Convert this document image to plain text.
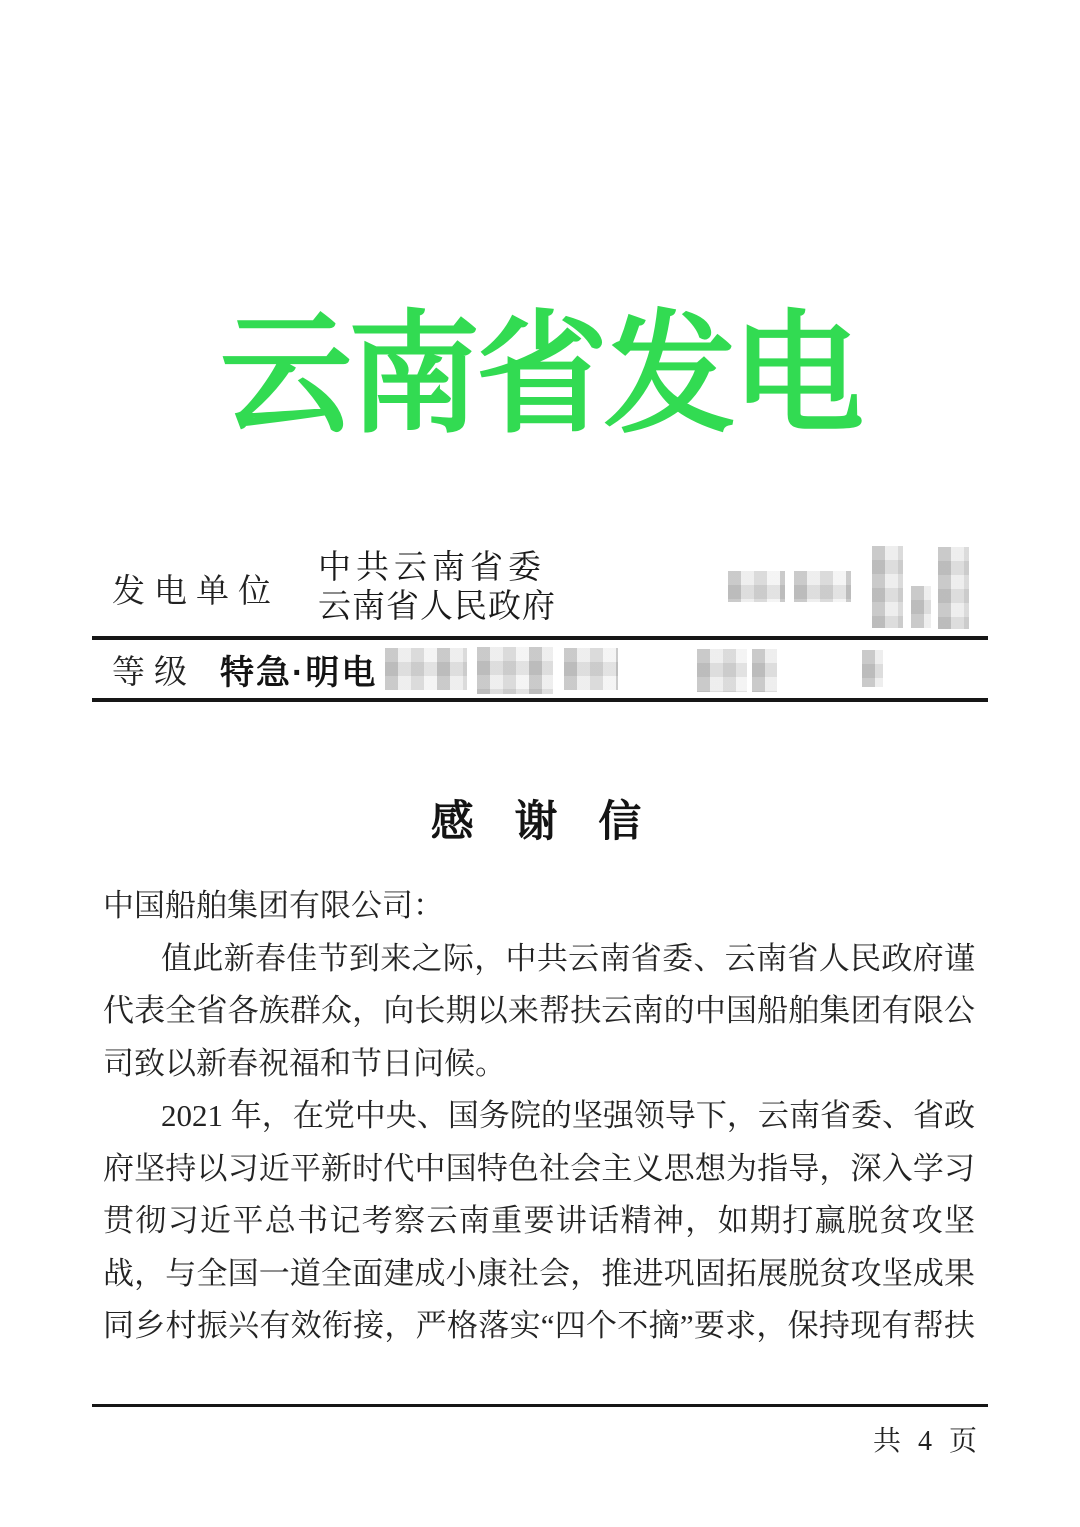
云南省发电
发电单位
中共云南省委
云南省人民政府
等级 特急·明电
感 谢 信
中国船舶集团有限公司：
值此新春佳节到来之际，中共云南省委、云南省人民政府谨
代表全省各族群众，向长期以来帮扶云南的中国船舶集团有限公
司致以新春祝福和节日问候。
2021 年，在党中央、国务院的坚强领导下，云南省委、省政
府坚持以习近平新时代中国特色社会主义思想为指导，深入学习
贯彻习近平总书记考察云南重要讲话精神，如期打赢脱贫攻坚
战，与全国一道全面建成小康社会，推进巩固拓展脱贫攻坚成果
同乡村振兴有效衔接，严格落实“四个不摘”要求，保持现有帮扶
共 4 页
